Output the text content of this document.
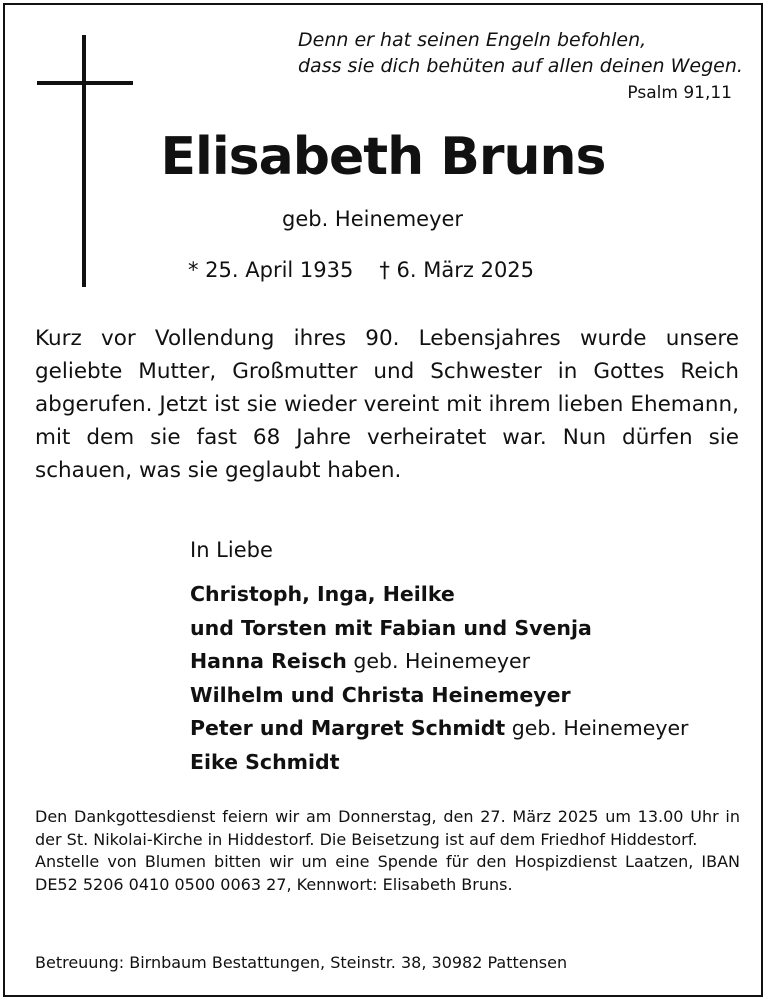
Denn er hat seinen Engeln befohlen,
dass sie dich behüten auf allen deinen Wegen.
Psalm 91,11
Elisabeth Bruns
geb. Heinemeyer
* 25. April 1935 † 6. März 2025
Kurz vor Vollendung ihres 90. Lebensjahres wurde unsere geliebte Mutter, Großmutter und Schwester in Gottes Reich abgerufen. Jetzt ist sie wieder vereint mit ihrem lieben Ehemann, mit dem sie fast 68 Jahre verheiratet war. Nun dürfen sie schauen, was sie geglaubt haben.
In Liebe
Christoph, Inga, Heilke
und Torsten mit Fabian und Svenja
Hanna Reisch geb. Heinemeyer
Wilhelm und Christa Heinemeyer
Peter und Margret Schmidt geb. Heinemeyer
Eike Schmidt
Den Dankgottesdienst feiern wir am Donnerstag, den 27. März 2025 um 13.00 Uhr in der St. Nikolai-Kirche in Hiddestorf. Die Beisetzung ist auf dem Friedhof Hiddestorf.
Anstelle von Blumen bitten wir um eine Spende für den Hospizdienst Laatzen, IBAN DE52 5206 0410 0500 0063 27, Kennwort: Elisabeth Bruns.
Betreuung: Birnbaum Bestattungen, Steinstr. 38, 30982 Pattensen
